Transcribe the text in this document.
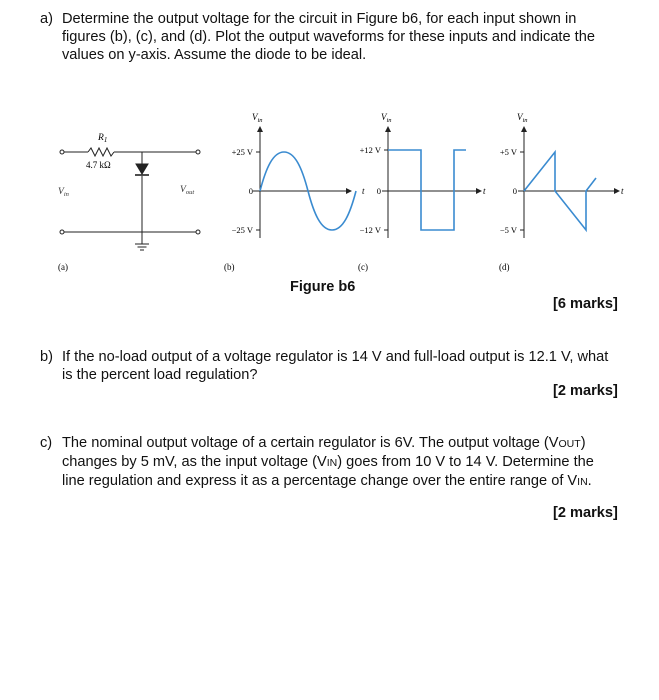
a) Determine the output voltage for the circuit in Figure b6, for each input shown in
figures (b), (c), and (d). Plot the output waveforms for these inputs and indicate the
values on y-axis. Assume the diode to be ideal.
$R_1$
4.7 kΩ
$V_{in}$	$V_{out}$
(a)
$V_{in}$
+25 V
0
−25 V
t
(b)
$V_{in}$
+12 V
0
−12 V
t
(c)
$V_{in}$
+5 V
0
−5 V
t
(d)
Figure b6
[6 marks]
b) If the no-load output of a voltage regulator is 14 V and full-load output is 12.1 V, what
is the percent load regulation?
[2 marks]
c) The nominal output voltage of a certain regulator is 6V. The output voltage (VOUT)
changes by 5 mV, as the input voltage (VIN) goes from 10 V to 14 V. Determine the
line regulation and express it as a percentage change over the entire range of VIN.
[2 marks]
